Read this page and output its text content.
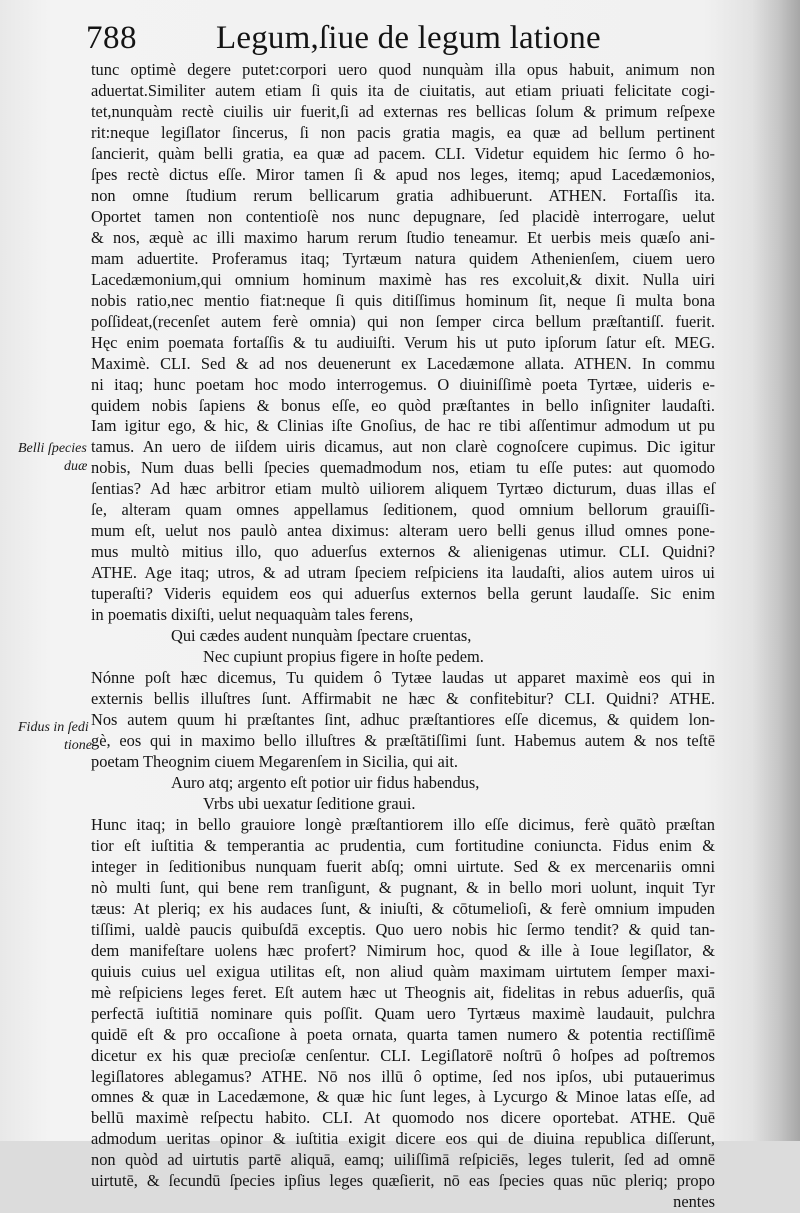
788 Legum,ſiue de legum latione
Belli ſpecies
duæ
Fidus in ſedi
tione
tunc optimè degere putet:corpori uero quod nunquàm illa opus habuit, animum non
aduertat.Similiter autem etiam ſi quis ita de ciuitatis, aut etiam priuati felicitate cogi-
tet,nunquàm rectè ciuilis uir fuerit,ſi ad externas res bellicas ſolum & primum reſpexe
rit:neque legiſlator ſincerus, ſi non pacis gratia magis, ea quæ ad bellum pertinent
ſancierit, quàm belli gratia, ea quæ ad pacem. CLI. Videtur equidem hic ſermo ô ho-
ſpes rectè dictus eſſe. Miror tamen ſi & apud nos leges, itemq; apud Lacedæmonios,
non omne ſtudium rerum bellicarum gratia adhibuerunt. ATHEN. Fortaſſis ita.
Oportet tamen non contentioſè nos nunc depugnare, ſed placidè interrogare, uelut
& nos, æquè ac illi maximo harum rerum ſtudio teneamur. Et uerbis meis quæſo ani-
mam aduertite. Proferamus itaq; Tyrtæum natura quidem Athenienſem, ciuem uero
Lacedæmonium,qui omnium hominum maximè has res excoluit,& dixit. Nulla uiri
nobis ratio,nec mentio fiat:neque ſi quis ditiſſimus hominum ſit, neque ſi multa bona
poſſideat,(recenſet autem ferè omnia) qui non ſemper circa bellum præſtantiſſ. fuerit.
Hęc enim poemata fortaſſis & tu audiuiſti. Verum his ut puto ipſorum ſatur eſt. MEG.
Maximè. CLI. Sed & ad nos deuenerunt ex Lacedæmone allata. ATHEN. In commu
ni itaq; hunc poetam hoc modo interrogemus. O diuiniſſimè poeta Tyrtæe, uideris e-
quidem nobis ſapiens & bonus eſſe, eo quòd præſtantes in bello inſigniter laudaſti.
Iam igitur ego, & hic, & Clinias iſte Gnoſius, de hac re tibi aſſentimur admodum ut pu
tamus. An uero de iiſdem uiris dicamus, aut non clarè cognoſcere cupimus. Dic igitur
nobis, Num duas belli ſpecies quemadmodum nos, etiam tu eſſe putes: aut quomodo
ſentias? Ad hæc arbitror etiam multò uiliorem aliquem Tyrtæo dicturum, duas illas eſ
ſe, alteram quam omnes appellamus ſeditionem, quod omnium bellorum grauiſſi-
mum eſt, uelut nos paulò antea diximus: alteram uero belli genus illud omnes pone-
mus multò mitius illo, quo aduerſus externos & alienigenas utimur. CLI. Quidni?
ATHE. Age itaq; utros, & ad utram ſpeciem reſpiciens ita laudaſti, alios autem uiros ui
tuperaſti? Videris equidem eos qui aduerſus externos bella gerunt laudaſſe. Sic enim
in poematis dixiſti, uelut nequaquàm tales ferens,
Qui cædes audent nunquàm ſpectare cruentas,
Nec cupiunt propius figere in hoſte pedem.
Nónne poſt hæc dicemus, Tu quidem ô Tytæe laudas ut apparet maximè eos qui in
externis bellis illuſtres ſunt. Affirmabit ne hæc & confitebitur? CLI. Quidni? ATHE.
Nos autem quum hi præſtantes ſint, adhuc præſtantiores eſſe dicemus, & quidem lon-
gè, eos qui in maximo bello illuſtres & præſtātiſſimi ſunt. Habemus autem & nos teſtē
poetam Theognim ciuem Megarenſem in Sicilia, qui ait.
Auro atq; argento eſt potior uir fidus habendus,
Vrbs ubi uexatur ſeditione graui.
Hunc itaq; in bello grauiore longè præſtantiorem illo eſſe dicimus, ferè quātò præſtan
tior eſt iuſtitia & temperantia ac prudentia, cum fortitudine coniuncta. Fidus enim &
integer in ſeditionibus nunquam fuerit abſq; omni uirtute. Sed & ex mercenariis omni
nò multi ſunt, qui bene rem tranſigunt, & pugnant, & in bello mori uolunt, inquit Tyr
tæus: At pleriq; ex his audaces ſunt, & iniuſti, & cōtumelioſi, & ferè omnium impuden
tiſſimi, ualdè paucis quibuſdā exceptis. Quo uero nobis hic ſermo tendit? & quid tan-
dem manifeſtare uolens hæc profert? Nimirum hoc, quod & ille à Ioue legiſlator, &
quiuis cuius uel exigua utilitas eſt, non aliud quàm maximam uirtutem ſemper maxi-
mè reſpiciens leges feret. Eſt autem hæc ut Theognis ait, fidelitas in rebus aduerſis, quā
perfectā iuſtitiā nominare quis poſſit. Quam uero Tyrtæus maximè laudauit, pulchra
quidē eſt & pro occaſione à poeta ornata, quarta tamen numero & potentia rectiſſimē
dicetur ex his quæ precioſæ cenſentur. CLI. Legiſlatorē noſtrū ô hoſpes ad poſtremos
legiſlatores ablegamus? ATHE. Nō nos illū ô optime, ſed nos ipſos, ubi putauerimus
omnes & quæ in Lacedæmone, & quæ hic ſunt leges, à Lycurgo & Minoe latas eſſe, ad
bellū maximè reſpectu habito. CLI. At quomodo nos dicere oportebat. ATHE. Quē
admodum ueritas opinor & iuſtitia exigit dicere eos qui de diuina republica diſſerunt,
non quòd ad uirtutis partē aliquā, eamq; uiliſſimā reſpiciēs, leges tulerit, ſed ad omnē
uirtutē, & ſecundū ſpecies ipſius leges quæſierit, nō eas ſpecies quas nūc pleriq; propo
nentes
